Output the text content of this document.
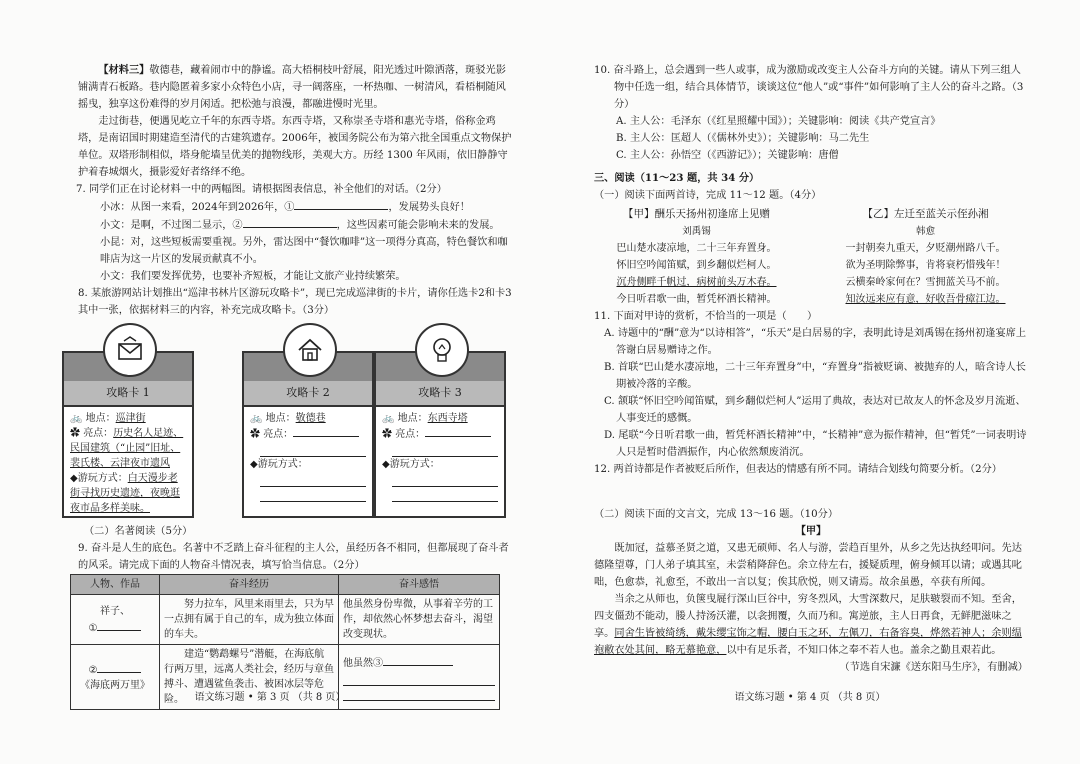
【材料三】敬德巷，藏着闹市中的静谧。高大梧桐枝叶舒展，阳光透过叶隙洒落，斑驳光影铺满青石板路。巷内隐匿着多家小众特色小店，寻一阔落座，一杯热咖、一树清风，看梧桐随风摇曳，独享这份难得的岁月闲适。把松弛与浪漫，都融进慢时光里。

走过街巷，便遇见屹立千年的东西寺塔。东西寺塔，又称崇圣寺塔和惠光寺塔，俗称金鸡塔，是南诏国时期建造至清代的古建筑遗存。2006年，被国务院公布为第六批全国重点文物保护单位。双塔形制相似，塔身舵墙呈优美的抛物线形，美观大方。历经 1300 年风雨，依旧静静守护着春城烟火，摄影爱好者络绎不绝。

7. 同学们正在讨论材料一中的两幅图。请根据图表信息，补全他们的对话。（2分）

小冰：从图一来看，2024年到2026年，①	，发展势头良好！
小文：是啊，不过图二显示，②	，这些因素可能会影响未来的发展。
小昆：对，这些短板需要重视。另外，雷达图中“餐饮咖啡”这一项得分真高，特色餐饮和咖啡店为这一片区的发展贡献真不小。
小文：我们要发挥优势，也要补齐短板，才能让文旅产业持续繁荣。

8. 某旅游网站计划推出“巡津书林片区游玩攻略卡”，现已完成巡津街的卡片，请你任选卡2和卡3其中一张，依据材料三的内容，补充完成攻略卡。（3分）

攻略卡 1
🚲 地点：巡津街
✿ 亮点：历史名人足迹、民国建筑（“止园”旧址、裴氏楼、云津夜市遗风
◆游玩方式：白天漫步老街寻找历史遗迹，夜晚逛夜市品多样美味。
攻略卡 2
🚲 地点：敬德巷
✿ 亮点：
◆游玩方式：
攻略卡 3
🚲 地点：东西寺塔
✿ 亮点：
◆游玩方式：

（二）名著阅读（5分）

9. 奋斗是人生的底色。名著中不乏踏上奋斗征程的主人公，虽经历各不相同，但都展现了奋斗者的风采。请完成下面的人物奋斗情况表，填写恰当信息。（2分）

人物、作品	奋斗经历	奋斗感悟
祥子、
①	努力拉车，风里来雨里去，只为早一点拥有属于自己的车，成为独立体面的车夫。	他虽然身份卑微，从事着辛劳的工作，却依然心怀梦想去奋斗，渴望改变现状。
②
《海底两万里》	建造“鹦鹉螺号”潜艇，在海底航行两万里，远离人类社会，经历与章鱼搏斗、遭遇鲨鱼袭击、被困冰层等危险。	他虽然③
语文练习题 • 第 3 页 （共 8 页）

10. 奋斗路上，总会遇到一些人或事，成为激励或改变主人公奋斗方向的关键。请从下列三组人物中任选一组，结合具体情节，谈谈这位“他人”或“事件”如何影响了主人公的奋斗之路。（3分）

A. 主人公：毛泽东（《红星照耀中国》）；关键影响：阅读《共产党宣言》
B. 主人公：匡超人（《儒林外史》）；关键影响：马二先生
C. 主人公：孙悟空（《西游记》）；关键影响：唐僧

三、阅读（11～23 题，共 34 分）

（一）阅读下面两首诗，完成 11～12 题。（4分）

【甲】酬乐天扬州初逢席上见赠
刘禹锡
巴山楚水凄凉地，二十三年弃置身。
怀旧空吟闻笛赋，到乡翻似烂柯人。
沉舟侧畔千帆过，病树前头万木春。
今日听君歌一曲，暂凭杯酒长精神。
【乙】左迁至蓝关示侄孙湘
韩愈
一封朝奏九重天，夕贬潮州路八千。
欲为圣明除弊事，肯将衰朽惜残年！
云横秦岭家何在？雪拥蓝关马不前。
知汝远来应有意，好收吾骨瘴江边。

11. 下面对甲诗的赏析，不恰当的一项是（　　）

A. 诗题中的“酬”意为“以诗相答”，“乐天”是白居易的字，表明此诗是刘禹锡在扬州初逢宴席上答谢白居易赠诗之作。

B. 首联“巴山楚水凄凉地，二十三年弃置身”中，“弃置身”指被贬谪、被抛弃的人，暗含诗人长期被冷落的辛酸。

C. 颔联“怀旧空吟闻笛赋，到乡翻似烂柯人”运用了典故，表达对已故友人的怀念及岁月流逝、人事变迁的感慨。

D. 尾联“今日听君歌一曲，暂凭杯酒长精神”中，“长精神”意为振作精神，但“暂凭”一词表明诗人只是暂时借酒振作，内心依然颓废消沉。

12. 两首诗都是作者被贬后所作，但表达的情感有所不同。请结合划线句简要分析。（2分）

（二）阅读下面的文言文，完成 13～16 题。（10分）

【甲】

既加冠，益慕圣贤之道，又患无硕师、名人与游，尝趋百里外，从乡之先达执经叩问。先达德隆望尊，门人弟子填其室，未尝稍降辞色。余立侍左右，援疑质理，俯身倾耳以请；或遇其叱咄，色愈恭，礼愈至，不敢出一言以复；俟其欣悦，则又请焉。故余虽愚，卒获有所闻。

当余之从师也，负箧曳屣行深山巨谷中，穷冬烈风，大雪深数尺，足肤皲裂而不知。至舍，四支僵劲不能动，媵人持汤沃灌，以衾拥覆，久而乃和。寓逆旅，主人日再食，无鲜肥滋味之享。同舍生皆被绮绣，戴朱缨宝饰之帽，腰白玉之环，左佩刀，右备容臭，烨然若神人；余则缊袍敝衣处其间，略无慕艳意，以中有足乐者，不知口体之奉不若人也。盖余之勤且艰若此。

（节选自宋濂《送东阳马生序》，有删减）
语文练习题 • 第 4 页 （共 8 页）
